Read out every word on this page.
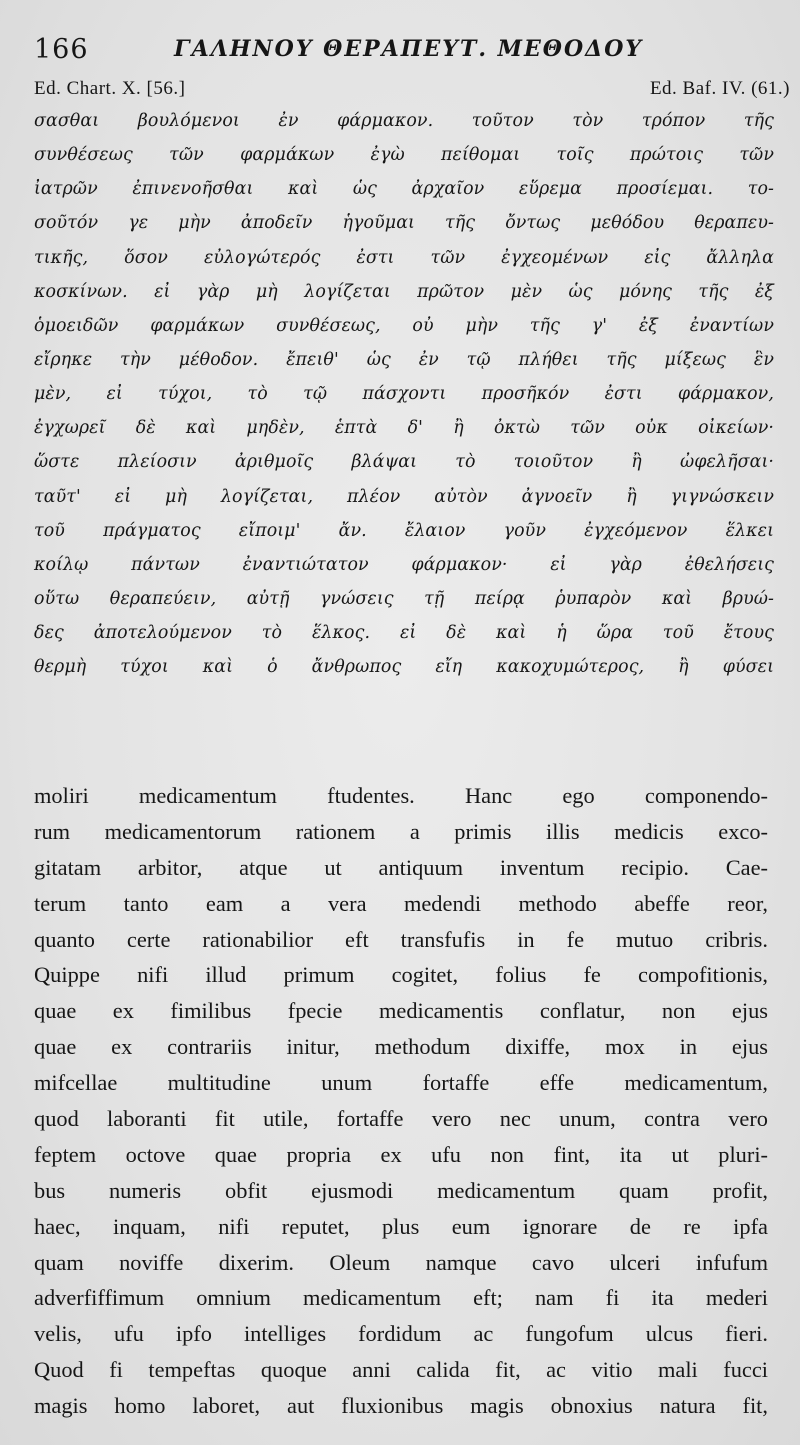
166	ΓΑΛΗΝΟΥ ΘΕΡΑΠΕΥΤ. ΜΕΘΟΔΟΥ
Ed. Chart. X. [56.]	Ed. Baf. IV. (61.)
σασθαι βουλόμενοι ἐν φάρμακον. τοῦτον τὸν τρόπον τῆς
συνθέσεως τῶν φαρμάκων ἐγὼ πείθομαι τοῖς πρώτοις τῶν
ἰατρῶν ἐπινενοῆσθαι καὶ ὡς ἀρχαῖον εὕρεμα προσίεμαι. το-
σοῦτόν γε μὴν ἀποδεῖν ἡγοῦμαι τῆς ὄντως μεθόδου θεραπευ-
τικῆς, ὅσον εὐλογώτερός ἐστι τῶν ἐγχεομένων εἰς ἄλληλα
κοσκίνων. εἰ γὰρ μὴ λογίζεται πρῶτον μὲν ὡς μόνης τῆς ἐξ
ὁμοειδῶν φαρμάκων συνθέσεως, οὐ μὴν τῆς γ' ἐξ ἐναντίων
εἴρηκε τὴν μέθοδον. ἔπειθ' ὡς ἐν τῷ πλήθει τῆς μίξεως ἓν
μὲν, εἰ τύχοι, τὸ τῷ πάσχοντι προσῆκόν ἐστι φάρμακον,
ἐγχωρεῖ δὲ καὶ μηδὲν, ἑπτὰ δ' ἢ ὀκτὼ τῶν οὐκ οἰκείων·
ὥστε πλείοσιν ἀριθμοῖς βλάψαι τὸ τοιοῦτον ἢ ὠφελῆσαι·
ταῦτ' εἰ μὴ λογίζεται, πλέον αὐτὸν ἀγνοεῖν ἢ γιγνώσκειν
τοῦ πράγματος εἴποιμ' ἄν. ἔλαιον γοῦν ἐγχεόμενον ἕλκει
κοίλῳ πάντων ἐναντιώτατον φάρμακον· εἰ γὰρ ἐθελήσεις
οὕτω θεραπεύειν, αὐτῇ γνώσεις τῇ πείρᾳ ῥυπαρὸν καὶ βρυώ-
δες ἀποτελούμενον τὸ ἕλκος. εἰ δὲ καὶ ἡ ὥρα τοῦ ἔτους
θερμὴ τύχοι καὶ ὁ ἄνθρωπος εἴη κακοχυμώτερος, ἢ φύσει
moliri medicamentum ftudentes. Hanc ego componendo-
rum medicamentorum rationem a primis illis medicis exco-
gitatam arbitor, atque ut antiquum inventum recipio. Cae-
terum tanto eam a vera medendi methodo abeffe reor,
quanto certe rationabilior eft transfufis in fe mutuo cribris.
Quippe nifi illud primum cogitet, folius fe compofitionis,
quae ex fimilibus fpecie medicamentis conflatur, non ejus
quae ex contrariis initur, methodum dixiffe, mox in ejus
mifcellae multitudine unum fortaffe effe medicamentum,
quod laboranti fit utile, fortaffe vero nec unum, contra vero
feptem octove quae propria ex ufu non fint, ita ut pluri-
bus numeris obfit ejusmodi medicamentum quam profit,
haec, inquam, nifi reputet, plus eum ignorare de re ipfa
quam noviffe dixerim. Oleum namque cavo ulceri infufum
adverfiffimum omnium medicamentum eft; nam fi ita mederi
velis, ufu ipfo intelliges fordidum ac fungofum ulcus fieri.
Quod fi tempeftas quoque anni calida fit, ac vitio mali fucci
magis homo laboret, aut fluxionibus magis obnoxius natura fit,
